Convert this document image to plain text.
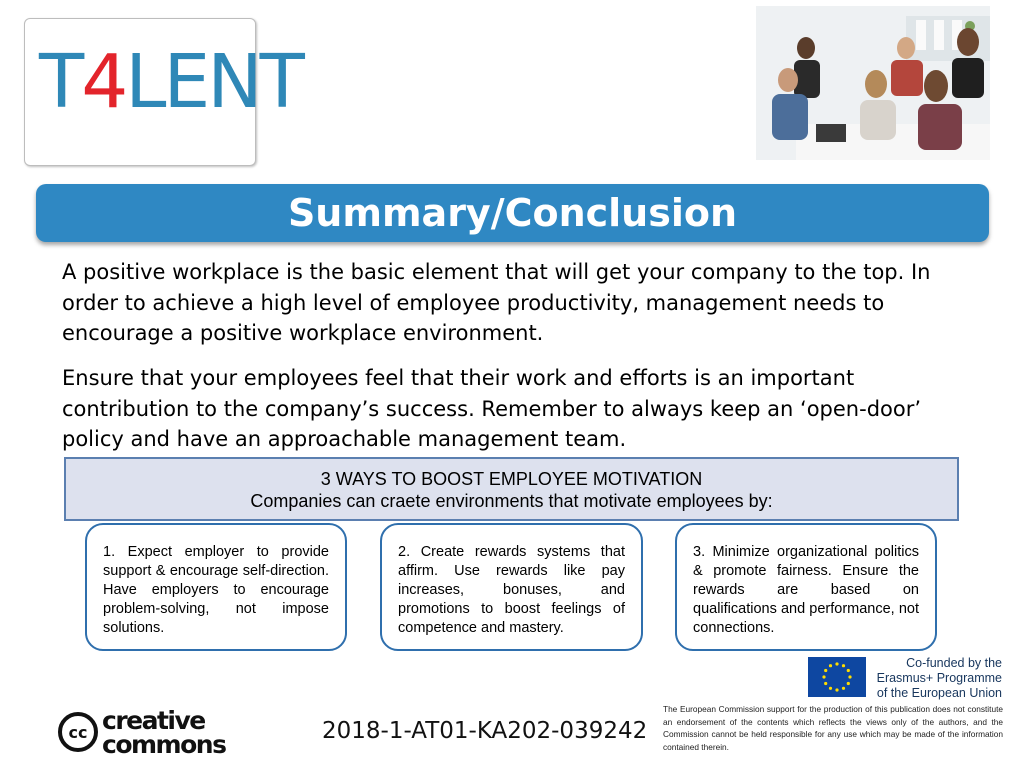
T4LENT
Summary/Conclusion

A positive workplace is the basic element that will get your company to the top. In order to achieve a high level of employee productivity, management needs to encourage a positive workplace environment.

Ensure that your employees feel that their work and efforts is an important contribution to the company’s success. Remember to always keep an ‘open-door’ policy and have an approachable management team.

3 WAYS TO BOOST EMPLOYEE MOTIVATION
Companies can craete environments that motivate employees by:
1. Expect employer to provide support & encourage self-direction. Have employers to encourage problem-solving, not impose solutions.
2. Create rewards systems that affirm. Use rewards like pay increases, bonuses, and promotions to boost feelings of competence and mastery.
3. Minimize organizational politics & promote fairness. Ensure the rewards are based on qualifications and performance, not connections.
Co-funded by the
Erasmus+ Programme
of the European Union
cc creative
commons	2018-1-AT01-KA202-039242
The European Commission support for the production of this publication does not constitute an endorsement of the contents which reflects the views only of the authors, and the Commission cannot be held responsible for any use which may be made of the information contained therein.
